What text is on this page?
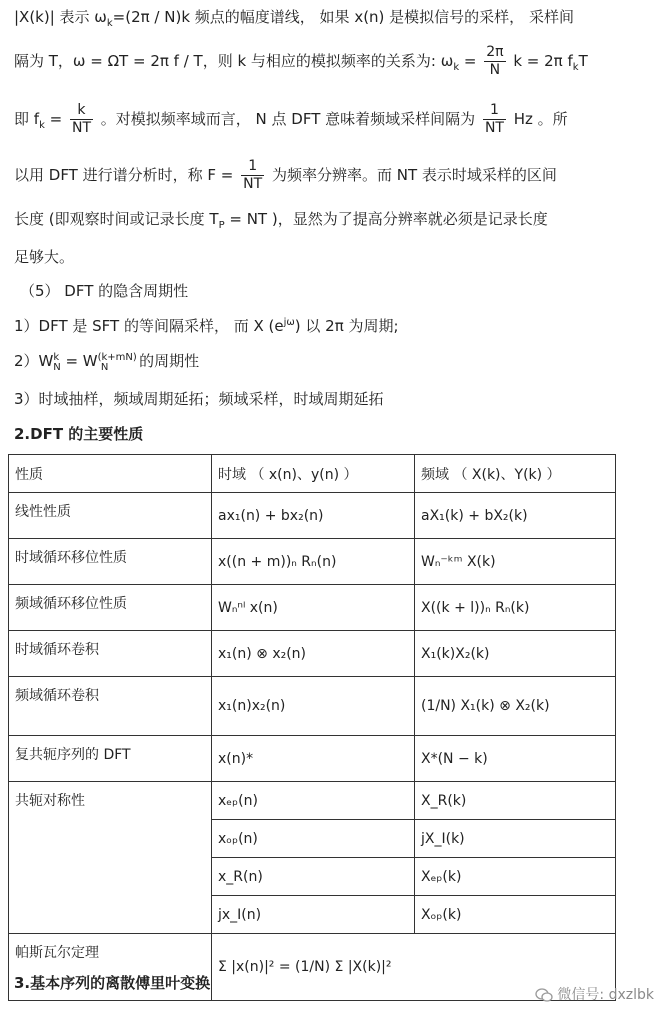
|X(k)| 表示 $\omega_k=(2\pi / N)k$ 频点的幅度谱线， 如果 x(n) 是模拟信号的采样， 采样间
隔为 T，ω = ΩT = 2π f / T，则 k 与相应的模拟频率的关系为: $\omega_k = \frac{2\pi}{N}$ k = 2π $f_kT$
即 $f_k = \frac{k}{NT}$ 。对模拟频率域而言， N 点 DFT 意味着频域采样间隔为 $\frac{1}{NT}$ Hz 。所
以用 DFT 进行谱分析时，称 $F = \frac{1}{NT}$ 为频率分辨率。而 NT 表示时域采样的区间
长度 (即观察时间或记录长度 $T_P$ = NT )，显然为了提高分辨率就必须是记录长度
足够大。
（5） DFT 的隐含周期性
1）DFT 是 SFT 的等间隔采样， 而 X $(e^{j\omega})$ 以 2π 为周期;
$2)W^k_N = W^{(k+mN)}_N$ 的周期性
3）时域抽样，频域周期延拓；频域采样，时域周期延拓
2.DFT 的主要性质
性质	时域 （ x(n)、y(n) ）	频域 （ X(k)、Y(k) ）
线性性质	ax₁(n) + bx₂(n)	aX₁(k) + bX₂(k)
时域循环移位性质	x((n + m))ₙ Rₙ(n)	Wₙ⁻ᵏᵐ X(k)
频域循环移位性质	Wₙⁿˡ x(n)	X((k + l))ₙ Rₙ(k)
时域循环卷积	x₁(n) ⊗ x₂(n)	X₁(k)X₂(k)
频域循环卷积	x₁(n)x₂(n)	(1/N) X₁(k) ⊗ X₂(k)
复共轭序列的 DFT	x(n)*	X*(N − k)
共轭对称性	xₑₚ(n)	X_R(k)
	xₒₚ(n)	jX_I(k)
	x_R(n)	Xₑₚ(k)
	jx_I(n)	Xₒₚ(k)
帕斯瓦尔定理	Σ |x(n)|² = (1/N) Σ |X(k)|²	
3.基本序列的离散傅里叶变换
微信号: dxzlbk
